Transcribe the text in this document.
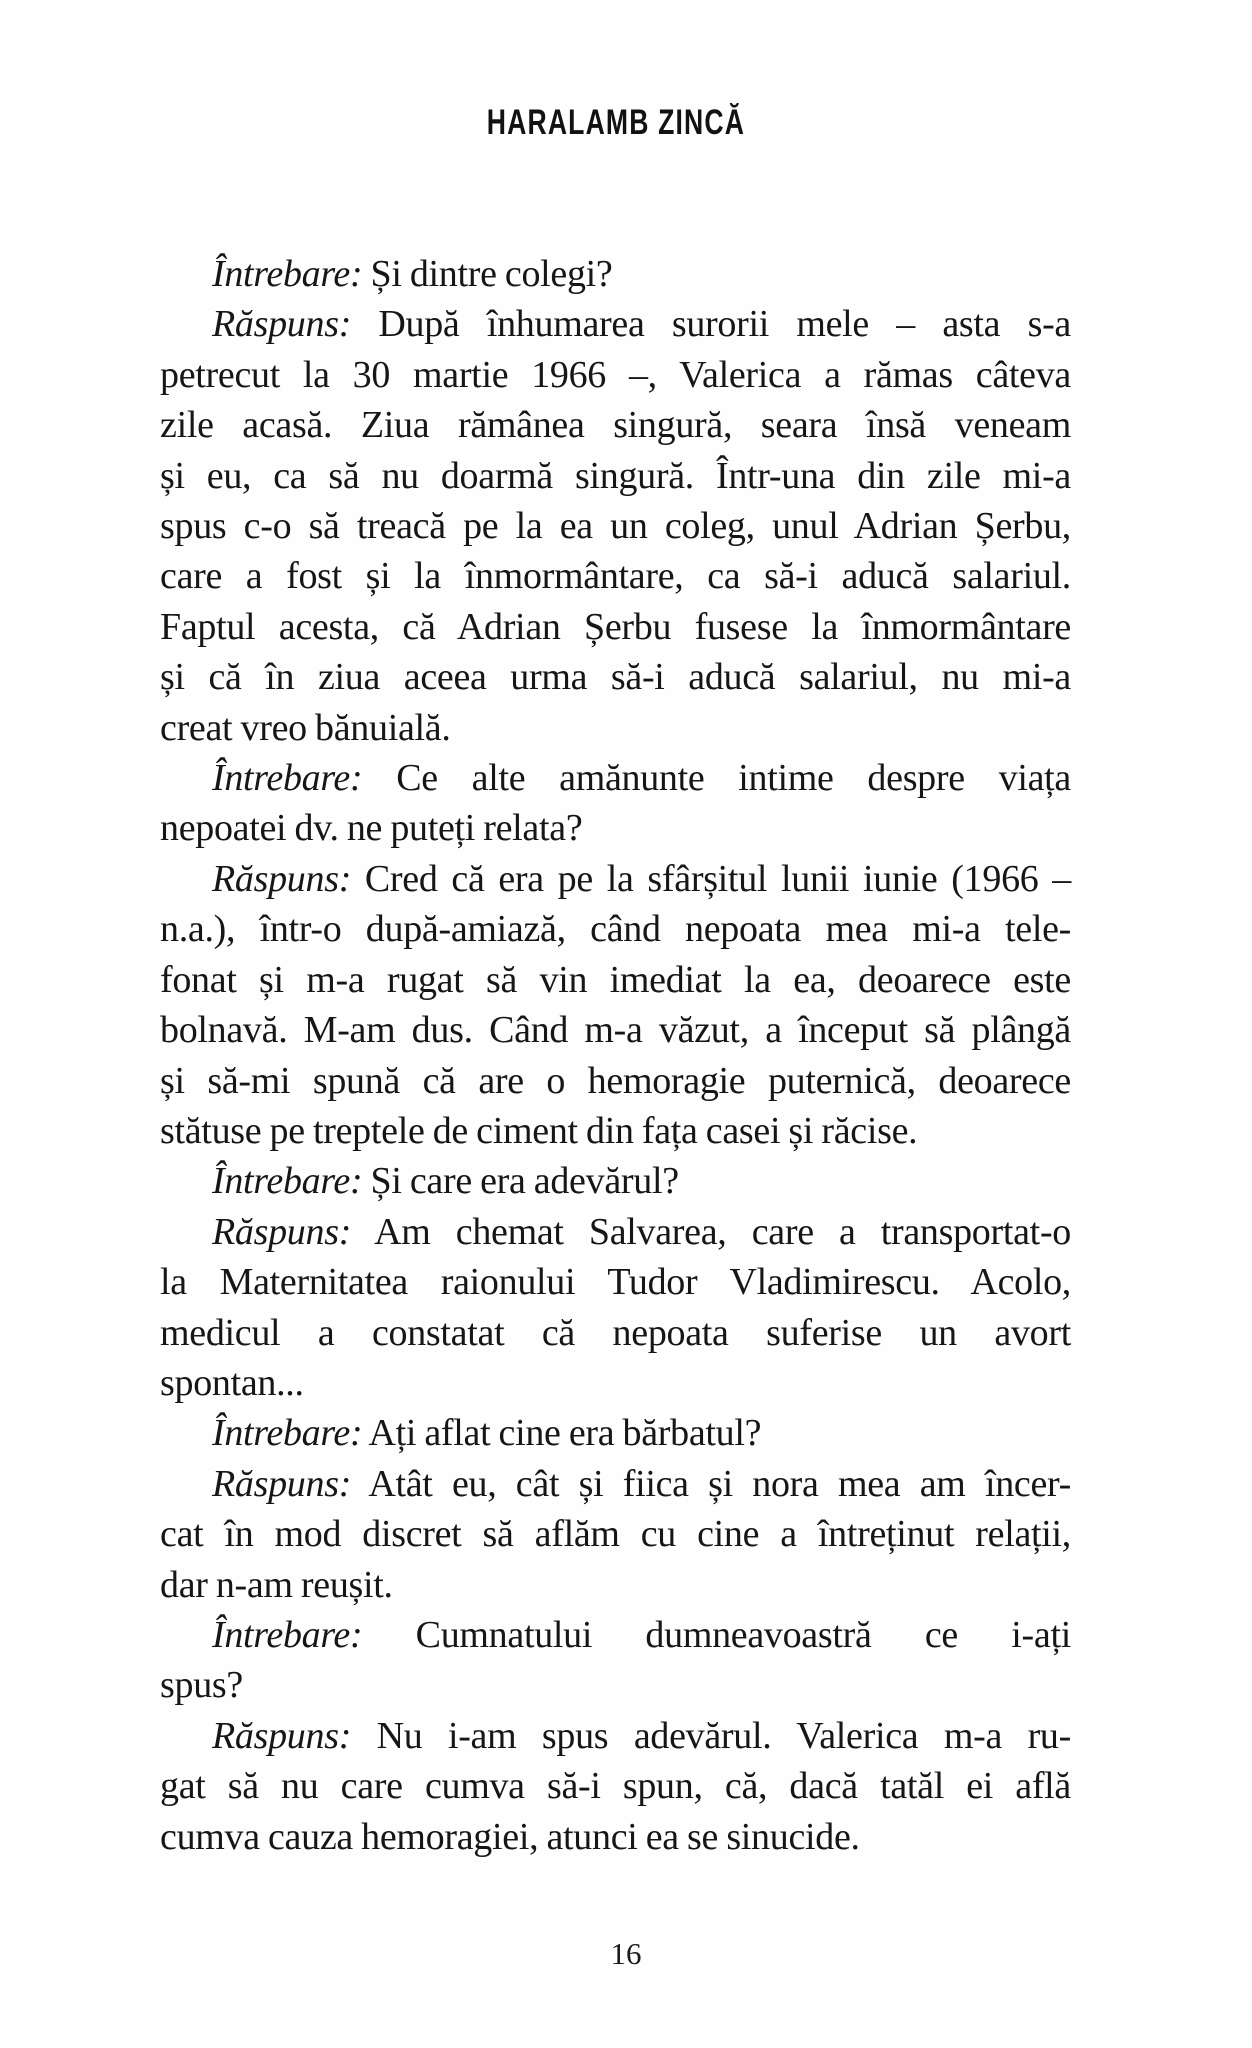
HARALAMB ZINCĂ
Întrebare: Și dintre colegi?
Răspuns: După înhumarea surorii mele – asta s-a
petrecut la 30 martie 1966 –, Valerica a rămas câteva
zile acasă. Ziua rămânea singură, seara însă veneam
și eu, ca să nu doarmă singură. Într-una din zile mi-a
spus c-o să treacă pe la ea un coleg, unul Adrian Șerbu,
care a fost și la înmormântare, ca să-i aducă salariul.
Faptul acesta, că Adrian Șerbu fusese la înmormântare
și că în ziua aceea urma să-i aducă salariul, nu mi-a
creat vreo bănuială.
Întrebare: Ce alte amănunte intime despre viața
nepoatei dv. ne puteți relata?
Răspuns: Cred că era pe la sfârșitul lunii iunie (1966 –
n.a.), într-o după-amiază, când nepoata mea mi-a tele-
fonat și m-a rugat să vin imediat la ea, deoarece este
bolnavă. M-am dus. Când m-a văzut, a început să plângă
și să-mi spună că are o hemoragie puternică, deoarece
stătuse pe treptele de ciment din fața casei și răcise.
Întrebare: Și care era adevărul?
Răspuns: Am chemat Salvarea, care a transportat-o
la Maternitatea raionului Tudor Vladimirescu. Acolo,
medicul a constatat că nepoata suferise un avort
spontan...
Întrebare: Ați aflat cine era bărbatul?
Răspuns: Atât eu, cât și fiica și nora mea am încer-
cat în mod discret să aflăm cu cine a întreținut relații,
dar n-am reușit.
Întrebare: Cumnatului dumneavoastră ce i-ați
spus?
Răspuns: Nu i-am spus adevărul. Valerica m-a ru-
gat să nu care cumva să-i spun, că, dacă tatăl ei află
cumva cauza hemoragiei, atunci ea se sinucide.
16
